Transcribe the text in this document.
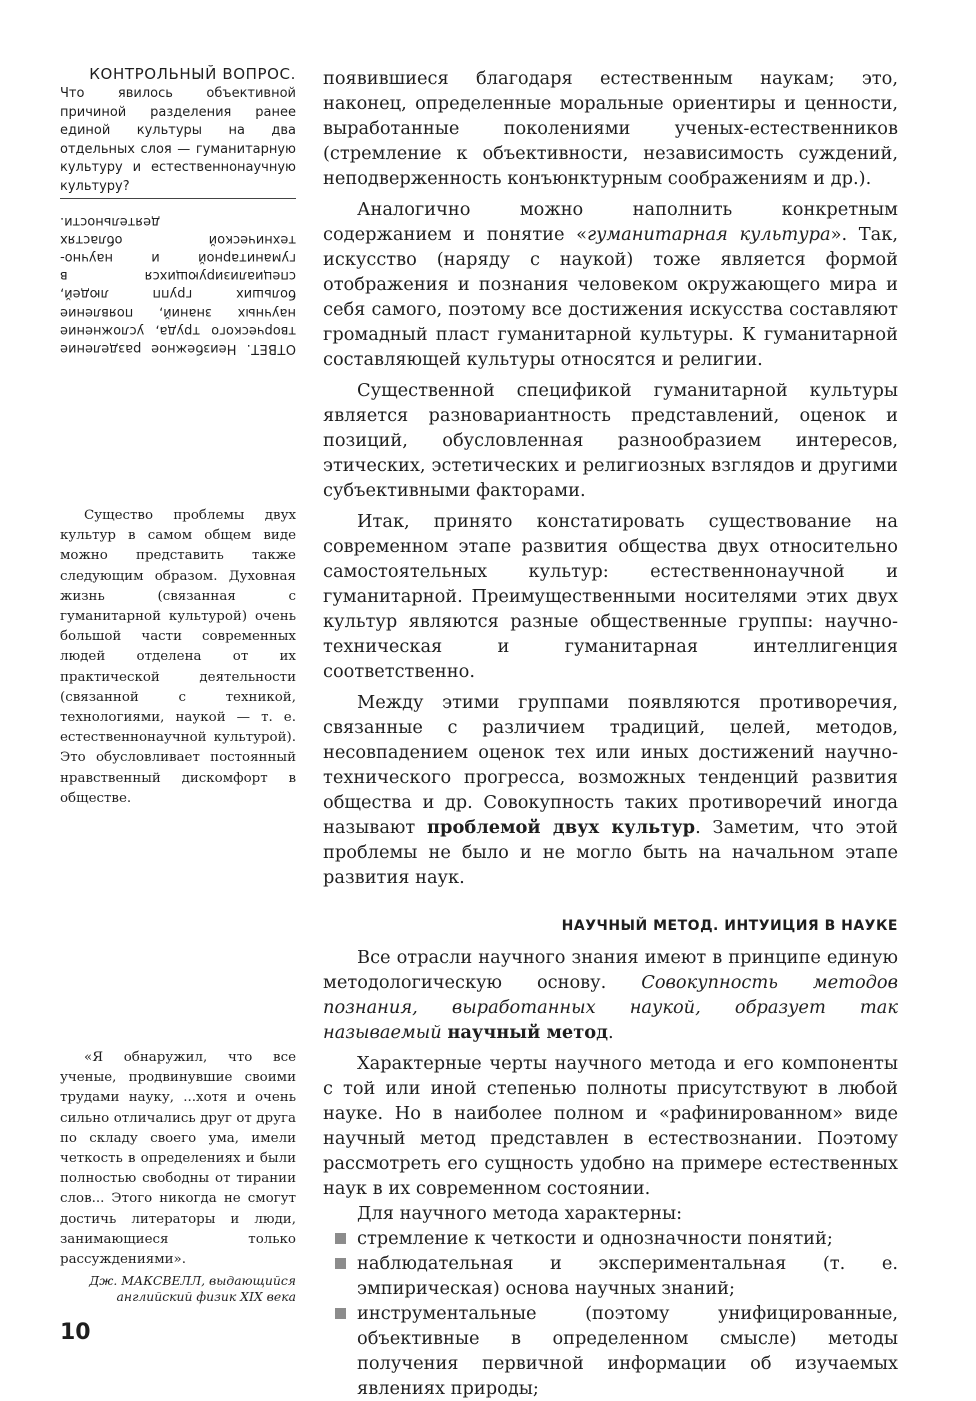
КОНТРОЛЬНЫЙ ВОПРОС.

Что явилось объективной причиной разделения ранее единой культуры на два отдельных слоя — гуманитарную культуру и естественнонаучную культуру?

ОТВЕТ. Неизбежное разделение творческого труда, усложнение научных знаний, появление больших групп людей, специализирующихся в гуманитарной и научно-технической областях деятельности.

Существо проблемы двух культур в самом общем виде можно представить также следующим образом. Духовная жизнь (связанная с гуманитарной культурой) очень большой части современных людей отделена от их практической деятельности (связанной с техникой, технологиями, наукой — т. е. естественнонаучной культурой). Это обусловливает постоянный нравственный дискомфорт в обществе.

«Я обнаружил, что все ученые, продвинувшие своими трудами науку, ...хотя и очень сильно отличались друг от друга по складу своего ума, имели четкость в определениях и были полностью свободны от тирании слов... Этого никогда не смогут достичь литераторы и люди, занимающиеся только рассуждениями».

Дж. МАКСВЕЛЛ, выдающийся
английский физик XIX века
10

появившиеся благодаря естественным наукам; это, наконец, определенные моральные ориентиры и ценности, выработанные поколениями ученых-естественников (стремление к объективности, независимость суждений, неподверженность конъюнктурным соображениям и др.).

Аналогично можно наполнить конкретным содержанием и понятие «гуманитарная культура». Так, искусство (наряду с наукой) тоже является формой отображения и познания человеком окружающего мира и себя самого, поэтому все достижения искусства составляют громадный пласт гуманитарной культуры. К гуманитарной составляющей культуры относятся и религии.

Существенной спецификой гуманитарной культуры является разновариантность представлений, оценок и позиций, обусловленная разнообразием интересов, этических, эстетических и религиозных взглядов и другими субъективными факторами.

Итак, принято констатировать существование на современном этапе развития общества двух относительно самостоятельных культур: естественнонаучной и гуманитарной. Преимущественными носителями этих двух культур являются разные общественные группы: научно-техническая и гуманитарная интеллигенция соответственно.

Между этими группами появляются противоречия, связанные с различием традиций, целей, методов, несовпадением оценок тех или иных достижений научно-технического прогресса, возможных тенденций развития общества и др. Совокупность таких противоречий иногда называют проблемой двух культур. Заметим, что этой проблемы не было и не могло быть на начальном этапе развития наук.

НАУЧНЫЙ МЕТОД. ИНТУИЦИЯ В НАУКЕ

Все отрасли научного знания имеют в принципе единую методологическую основу. Совокупность методов познания, выработанных наукой, образует так называемый научный метод.

Характерные черты научного метода и его компоненты с той или иной степенью полноты присутствуют в любой науке. Но в наиболее полном и «рафинированном» виде научный метод представлен в естествознании. Поэтому рассмотреть его сущность удобно на примере естественных наук в их современном состоянии.

Для научного метода характерны:

стремление к четкости и однозначности понятий;
наблюдательная и экспериментальная (т. е. эмпирическая) основа научных знаний;
инструментальные (поэтому унифицированные, объективные в определенном смысле) методы получения первичной информации об изучаемых явлениях природы;
